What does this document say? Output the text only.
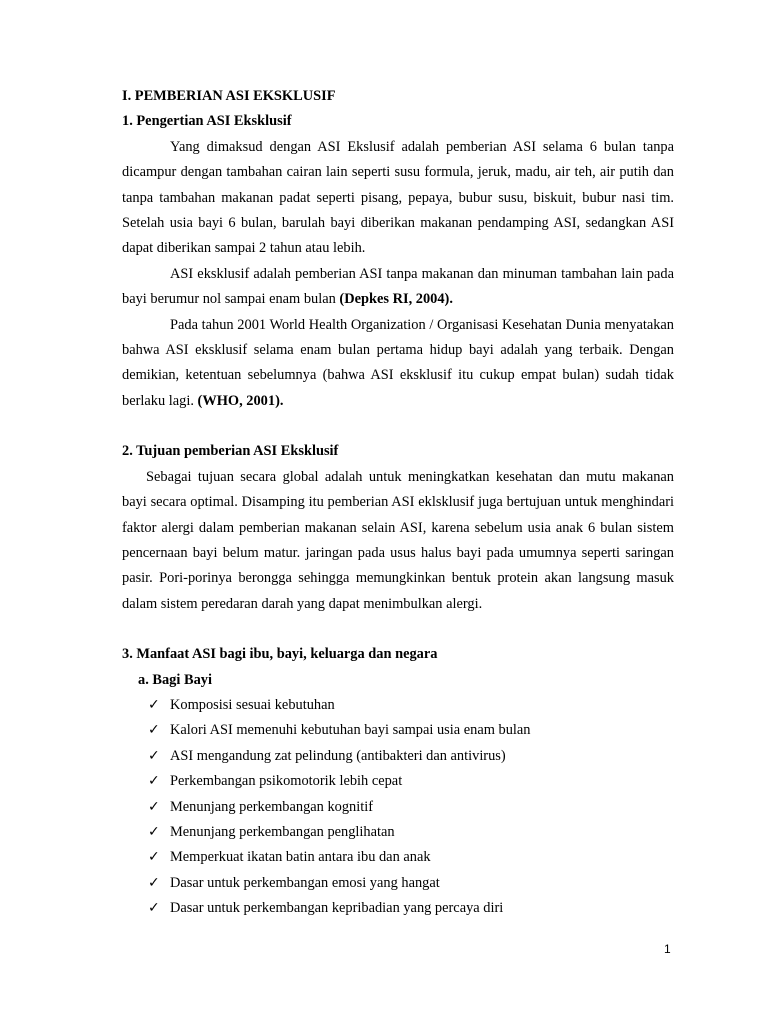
I. PEMBERIAN ASI EKSKLUSIF
1. Pengertian ASI Eksklusif

Yang dimaksud dengan ASI Ekslusif adalah pemberian ASI selama 6 bulan tanpa dicampur dengan tambahan cairan lain seperti susu formula, jeruk, madu, air teh, air putih dan tanpa tambahan makanan padat seperti pisang, pepaya, bubur susu, biskuit, bubur nasi tim. Setelah usia bayi 6 bulan, barulah bayi diberikan makanan pendamping ASI, sedangkan ASI dapat diberikan sampai 2 tahun atau lebih.

ASI eksklusif adalah pemberian ASI tanpa makanan dan minuman tambahan lain pada bayi berumur nol sampai enam bulan (Depkes RI, 2004).

Pada tahun 2001 World Health Organization / Organisasi Kesehatan Dunia menyatakan bahwa ASI eksklusif selama enam bulan pertama hidup bayi adalah yang terbaik. Dengan demikian, ketentuan sebelumnya (bahwa ASI eksklusif itu cukup empat bulan) sudah tidak berlaku lagi. (WHO, 2001).

2. Tujuan pemberian ASI Eksklusif

Sebagai tujuan secara global adalah untuk meningkatkan kesehatan dan mutu makanan bayi secara optimal. Disamping itu pemberian ASI eklsklusif juga bertujuan untuk menghindari faktor alergi dalam pemberian makanan selain ASI, karena sebelum usia anak 6 bulan sistem pencernaan bayi belum matur. jaringan pada usus halus bayi pada umumnya seperti saringan pasir. Pori-porinya berongga sehingga memungkinkan bentuk protein akan langsung masuk dalam sistem peredaran darah yang dapat menimbulkan alergi.

3. Manfaat ASI bagi ibu, bayi, keluarga dan negara
a. Bagi Bayi
✓ Komposisi sesuai kebutuhan
✓ Kalori ASI memenuhi kebutuhan bayi sampai usia enam bulan
✓ ASI mengandung zat pelindung (antibakteri dan antivirus)
✓ Perkembangan psikomotorik lebih cepat
✓ Menunjang perkembangan kognitif
✓ Menunjang perkembangan penglihatan
✓ Memperkuat ikatan batin antara ibu dan anak
✓ Dasar untuk perkembangan emosi yang hangat
✓ Dasar untuk perkembangan kepribadian yang percaya diri
1
